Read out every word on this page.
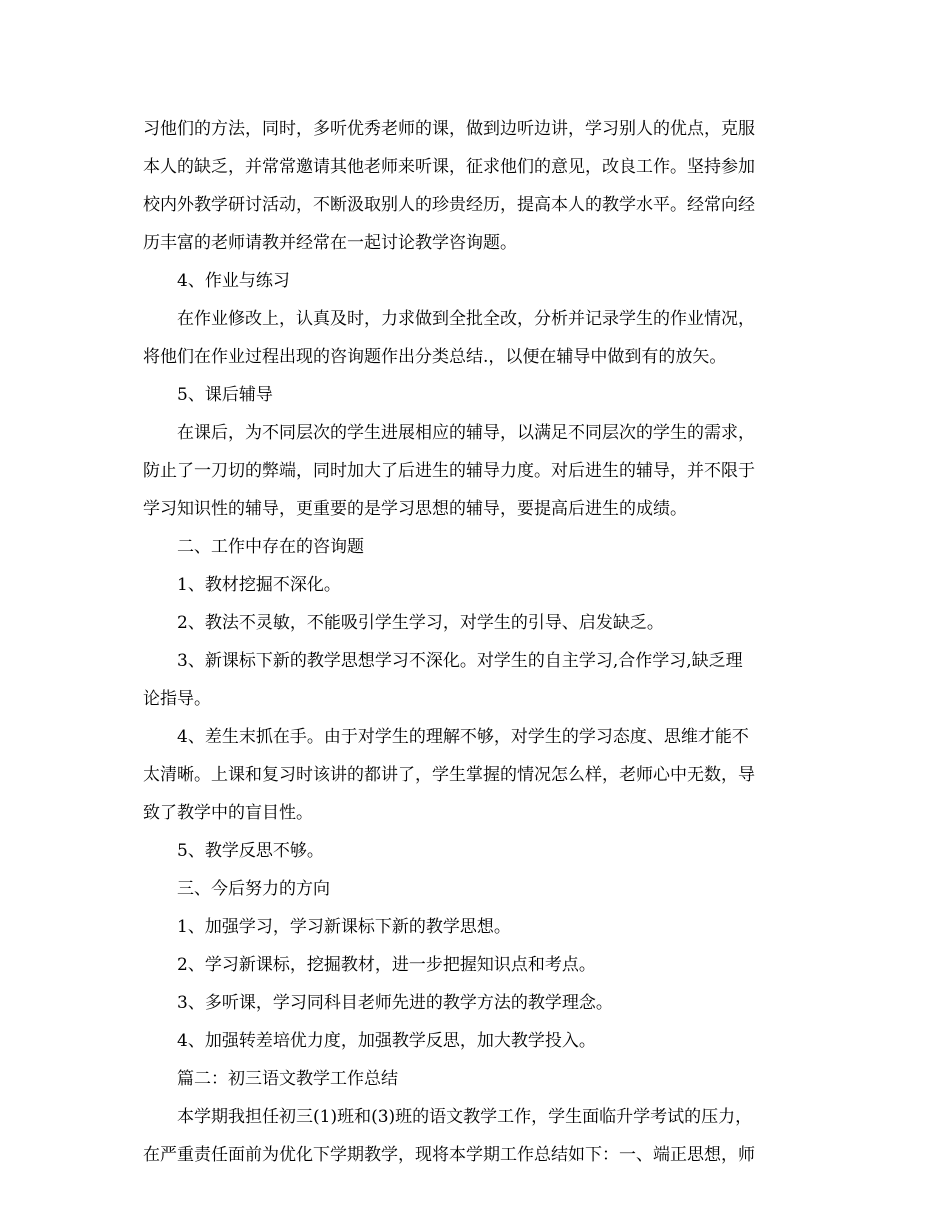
习他们的方法，同时，多听优秀老师的课，做到边听边讲，学习别人的优点，克服
本人的缺乏，并常常邀请其他老师来听课，征求他们的意见，改良工作。坚持参加
校内外教学研讨活动，不断汲取别人的珍贵经历，提高本人的教学水平。经常向经
历丰富的老师请教并经常在一起讨论教学咨询题。
4、作业与练习
在作业修改上，认真及时，力求做到全批全改，分析并记录学生的作业情况，
将他们在作业过程出现的咨询题作出分类总结.，以便在辅导中做到有的放矢。
5、课后辅导
在课后，为不同层次的学生进展相应的辅导，以满足不同层次的学生的需求，
防止了一刀切的弊端，同时加大了后进生的辅导力度。对后进生的辅导，并不限于
学习知识性的辅导，更重要的是学习思想的辅导，要提高后进生的成绩。
二、工作中存在的咨询题
1、教材挖掘不深化。
2、教法不灵敏，不能吸引学生学习，对学生的引导、启发缺乏。
3、新课标下新的教学思想学习不深化。对学生的自主学习,合作学习,缺乏理
论指导。
4、差生末抓在手。由于对学生的理解不够，对学生的学习态度、思维才能不
太清晰。上课和复习时该讲的都讲了，学生掌握的情况怎么样，老师心中无数，导
致了教学中的盲目性。
5、教学反思不够。
三、今后努力的方向
1、加强学习，学习新课标下新的教学思想。
2、学习新课标，挖掘教材，进一步把握知识点和考点。
3、多听课，学习同科目老师先进的教学方法的教学理念。
4、加强转差培优力度，加强教学反思，加大教学投入。
篇二：初三语文教学工作总结
本学期我担任初三(1)班和(3)班的语文教学工作，学生面临升学考试的压力，
在严重责任面前为优化下学期教学，现将本学期工作总结如下：一、端正思想，师
